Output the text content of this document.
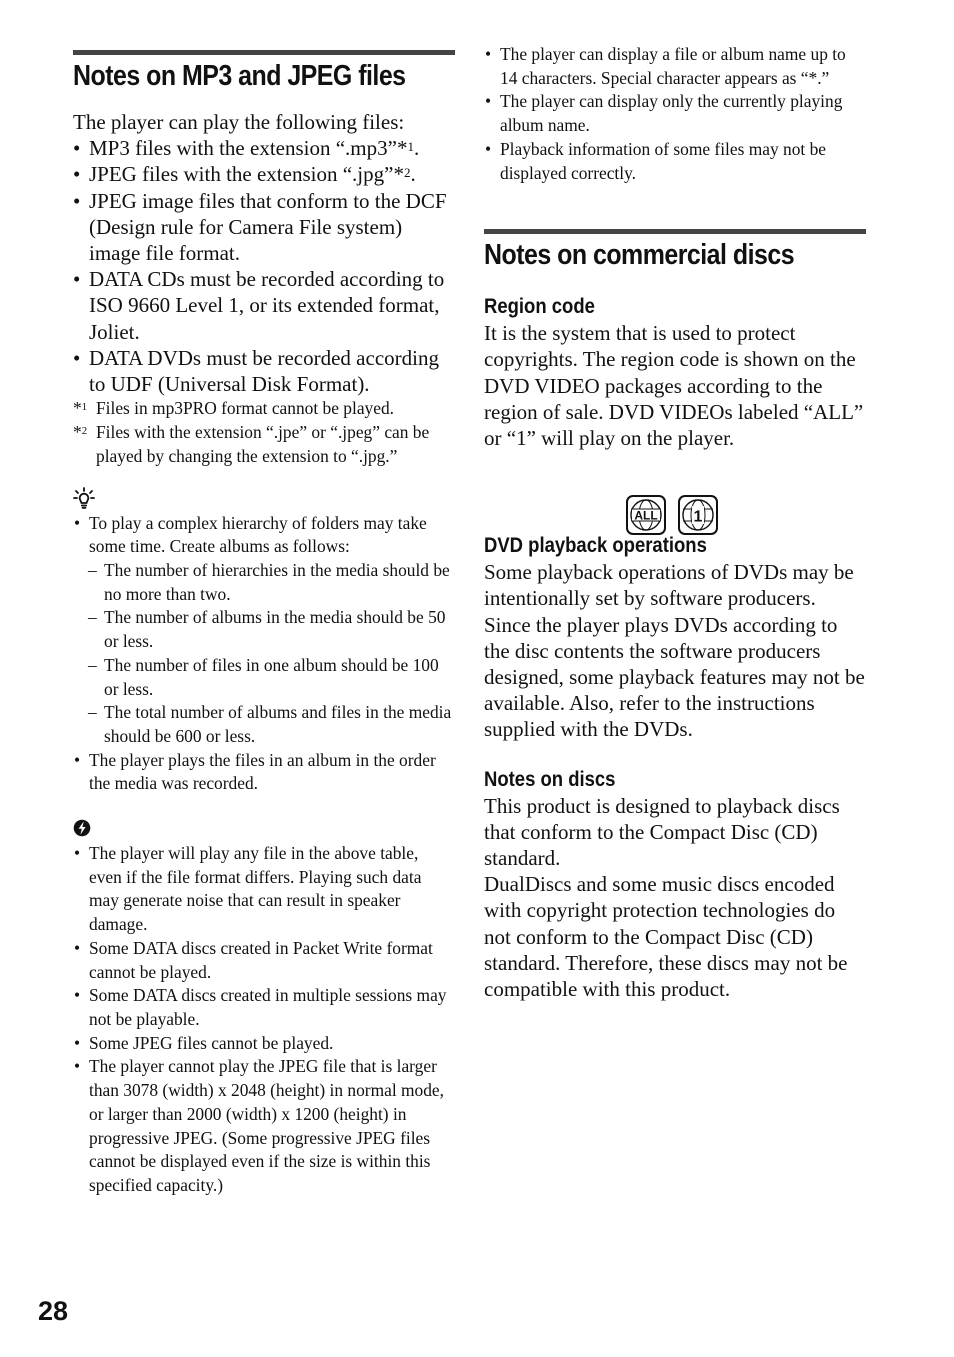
Notes on MP3 and JPEG files

The player can play the following files:

• MP3 files with the extension “.mp3”*$^1$.
• JPEG files with the extension “.jpg”*$^2$.
• JPEG image files that conform to the DCF (Design rule for Camera File system) image file format.
• DATA CDs must be recorded according to ISO 9660 Level 1, or its extended format, Joliet.
• DATA DVDs must be recorded according to UDF (Universal Disk Format).
*$^1$ Files in mp3PRO format cannot be played.
*$^2$ Files with the extension “.jpe” or “.jpeg” can be played by changing the extension to “.jpg.”
• To play a complex hierarchy of folders may take some time. Create albums as follows:
– The number of hierarchies in the media should be no more than two.
– The number of albums in the media should be 50 or less.
– The number of files in one album should be 100 or less.
– The total number of albums and files in the media should be 600 or less.
• The player plays the files in an album in the order the media was recorded.
• The player will play any file in the above table, even if the file format differs. Playing such data may generate noise that can result in speaker damage.
• Some DATA discs created in Packet Write format cannot be played.
• Some DATA discs created in multiple sessions may not be playable.
• Some JPEG files cannot be played.
• The player cannot play the JPEG file that is larger than 3078 (width) x 2048 (height) in normal mode, or larger than 2000 (width) x 1200 (height) in progressive JPEG. (Some progressive JPEG files cannot be displayed even if the size is within this specified capacity.)
• The player can display a file or album name up to 14 characters. Special character appears as “*.”
• The player can display only the currently playing album name.
• Playback information of some files may not be displayed correctly.
Notes on commercial discs
Region code

It is the system that is used to protect copyrights. The region code is shown on the DVD VIDEO packages according to the region of sale. DVD VIDEOs labeled “ALL” or “1” will play on the player.

DVD playback operations

Some playback operations of DVDs may be intentionally set by software producers. Since the player plays DVDs according to the disc contents the software producers designed, some playback features may not be available. Also, refer to the instructions supplied with the DVDs.

Notes on discs

This product is designed to playback discs that conform to the Compact Disc (CD) standard.

DualDiscs and some music discs encoded with copyright protection technologies do not conform to the Compact Disc (CD) standard. Therefore, these discs may not be compatible with this product.

ALL
1
28
